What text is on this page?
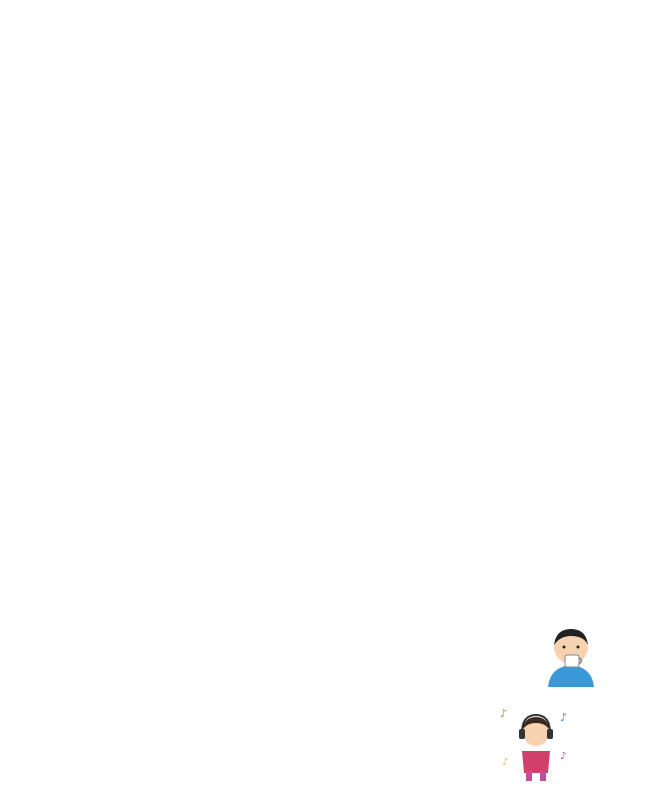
♪	♪
♪
♪
